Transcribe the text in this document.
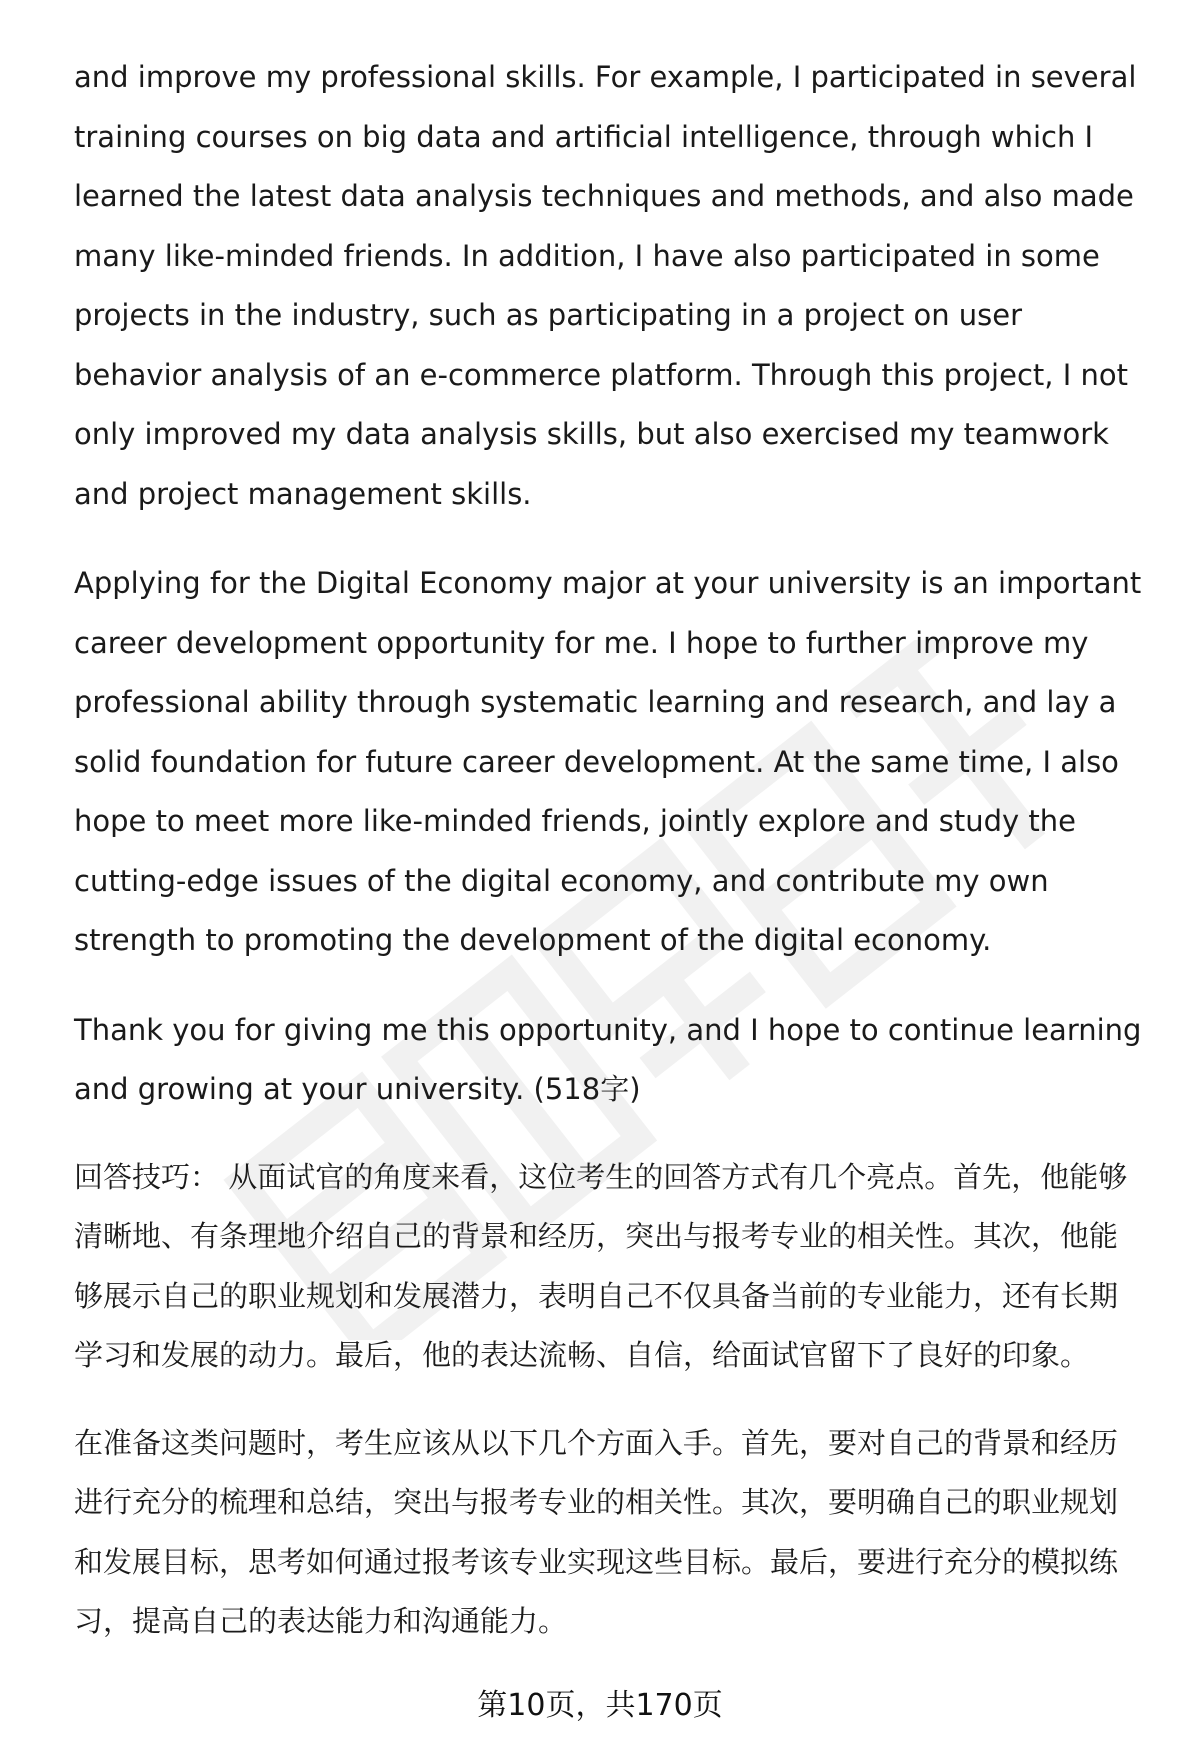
and improve my professional skills. For example, I participated in several training courses on big data and artificial intelligence, through which I learned the latest data analysis techniques and methods, and also made many like-minded friends. In addition, I have also participated in some projects in the industry, such as participating in a project on user behavior analysis of an e-commerce platform. Through this project, I not only improved my data analysis skills, but also exercised my teamwork and project management skills.

Applying for the Digital Economy major at your university is an important career development opportunity for me. I hope to further improve my professional ability through systematic learning and research, and lay a solid foundation for future career development. At the same time, I also hope to meet more like-minded friends, jointly explore and study the cutting-edge issues of the digital economy, and contribute my own strength to promoting the development of the digital economy.

Thank you for giving me this opportunity, and I hope to continue learning and growing at your university. (518字)

回答技巧： 从面试官的角度来看，这位考生的回答方式有几个亮点。首先，他能够清晰地、有条理地介绍自己的背景和经历，突出与报考专业的相关性。其次，他能够展示自己的职业规划和发展潜力，表明自己不仅具备当前的专业能力，还有长期学习和发展的动力。最后，他的表达流畅、自信，给面试官留下了良好的印象。

在准备这类问题时，考生应该从以下几个方面入手。首先，要对自己的背景和经历进行充分的梳理和总结，突出与报考专业的相关性。其次，要明确自己的职业规划和发展目标，思考如何通过报考该专业实现这些目标。最后，要进行充分的模拟练习，提高自己的表达能力和沟通能力。

第10页，共170页
